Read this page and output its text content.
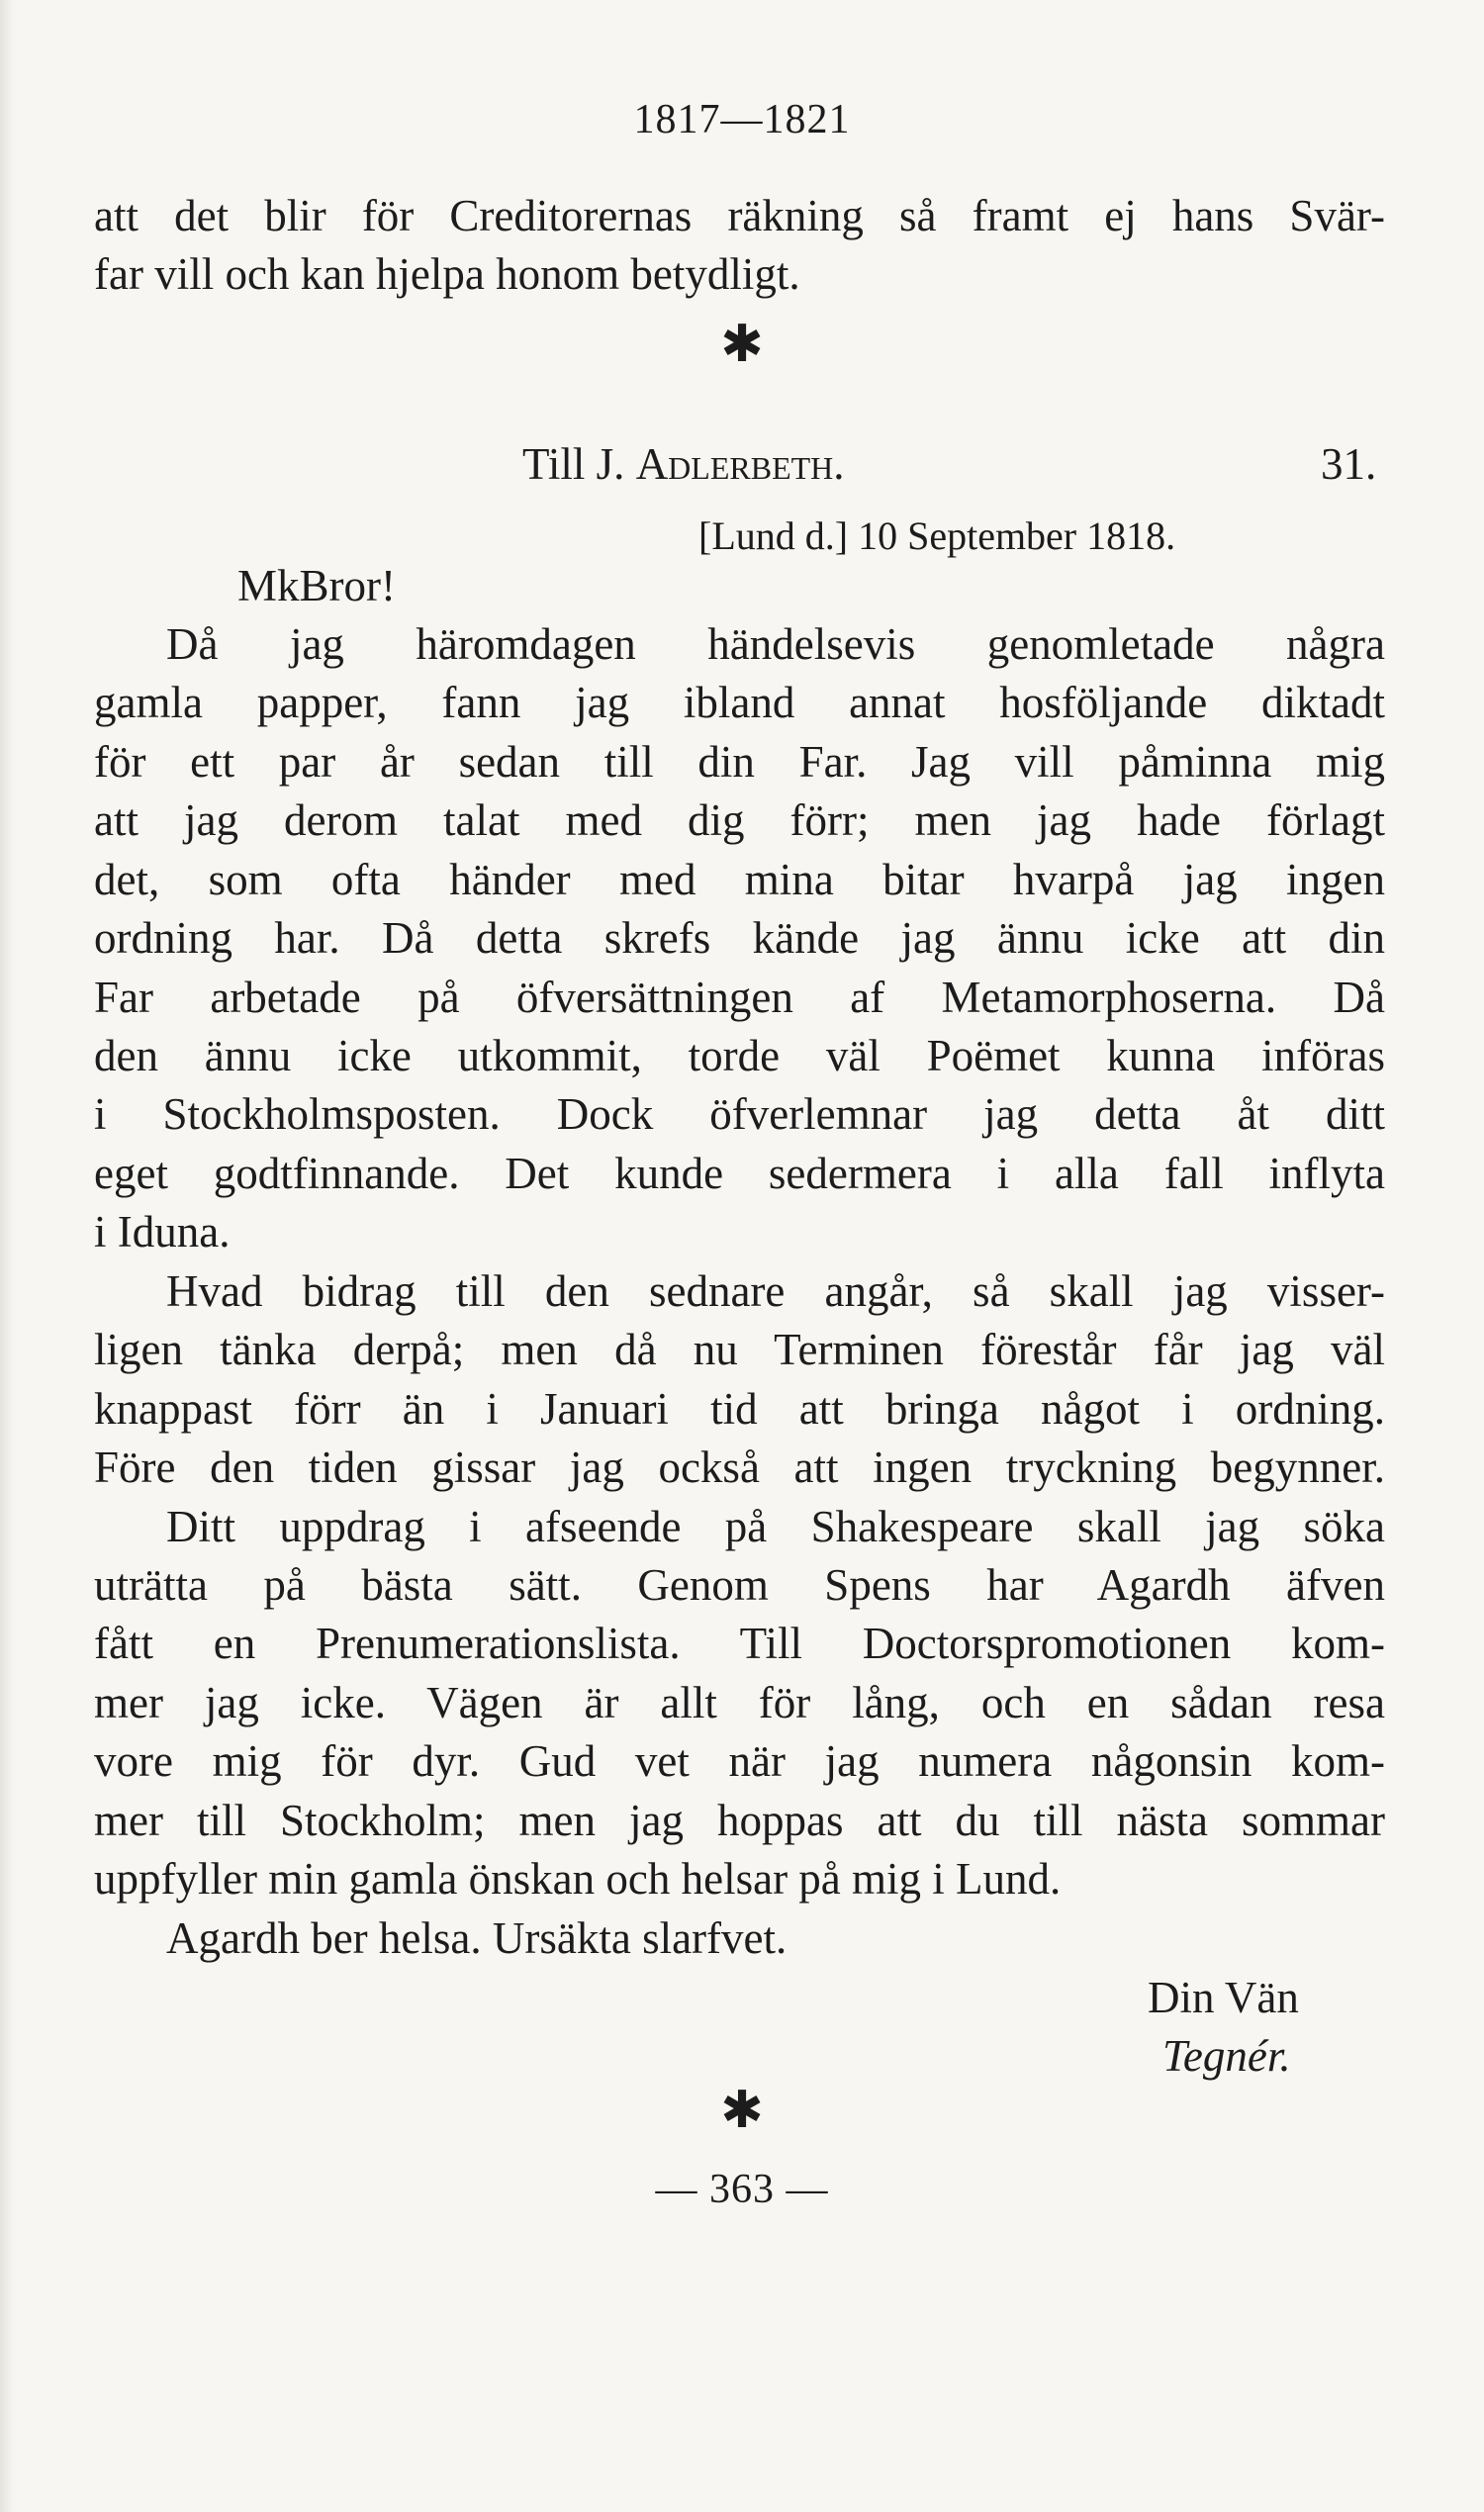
1817—1821
att det blir för Creditorernas räkning så framt ej hans Svär-
far vill och kan hjelpa honom betydligt.
✱
Till J. Adlerbeth.	31.
[Lund d.] 10 September 1818.
MkBror!
Då jag häromdagen händelsevis genomletade några
gamla papper, fann jag ibland annat hosföljande diktadt
för ett par år sedan till din Far. Jag vill påminna mig
att jag derom talat med dig förr; men jag hade förlagt
det, som ofta händer med mina bitar hvarpå jag ingen
ordning har. Då detta skrefs kände jag ännu icke att din
Far arbetade på öfversättningen af Metamorphoserna. Då
den ännu icke utkommit, torde väl Poëmet kunna införas
i Stockholmsposten. Dock öfverlemnar jag detta åt ditt
eget godtfinnande. Det kunde sedermera i alla fall inflyta
i Iduna.
Hvad bidrag till den sednare angår, så skall jag visser-
ligen tänka derpå; men då nu Terminen förestår får jag väl
knappast förr än i Januari tid att bringa något i ordning.
Före den tiden gissar jag också att ingen tryckning begynner.
Ditt uppdrag i afseende på Shakespeare skall jag söka
uträtta på bästa sätt. Genom Spens har Agardh äfven
fått en Prenumerationslista. Till Doctorspromotionen kom-
mer jag icke. Vägen är allt för lång, och en sådan resa
vore mig för dyr. Gud vet när jag numera någonsin kom-
mer till Stockholm; men jag hoppas att du till nästa sommar
uppfyller min gamla önskan och helsar på mig i Lund.
Agardh ber helsa. Ursäkta slarfvet.
Din Vän
Tegnér.
✱
— 363 —
